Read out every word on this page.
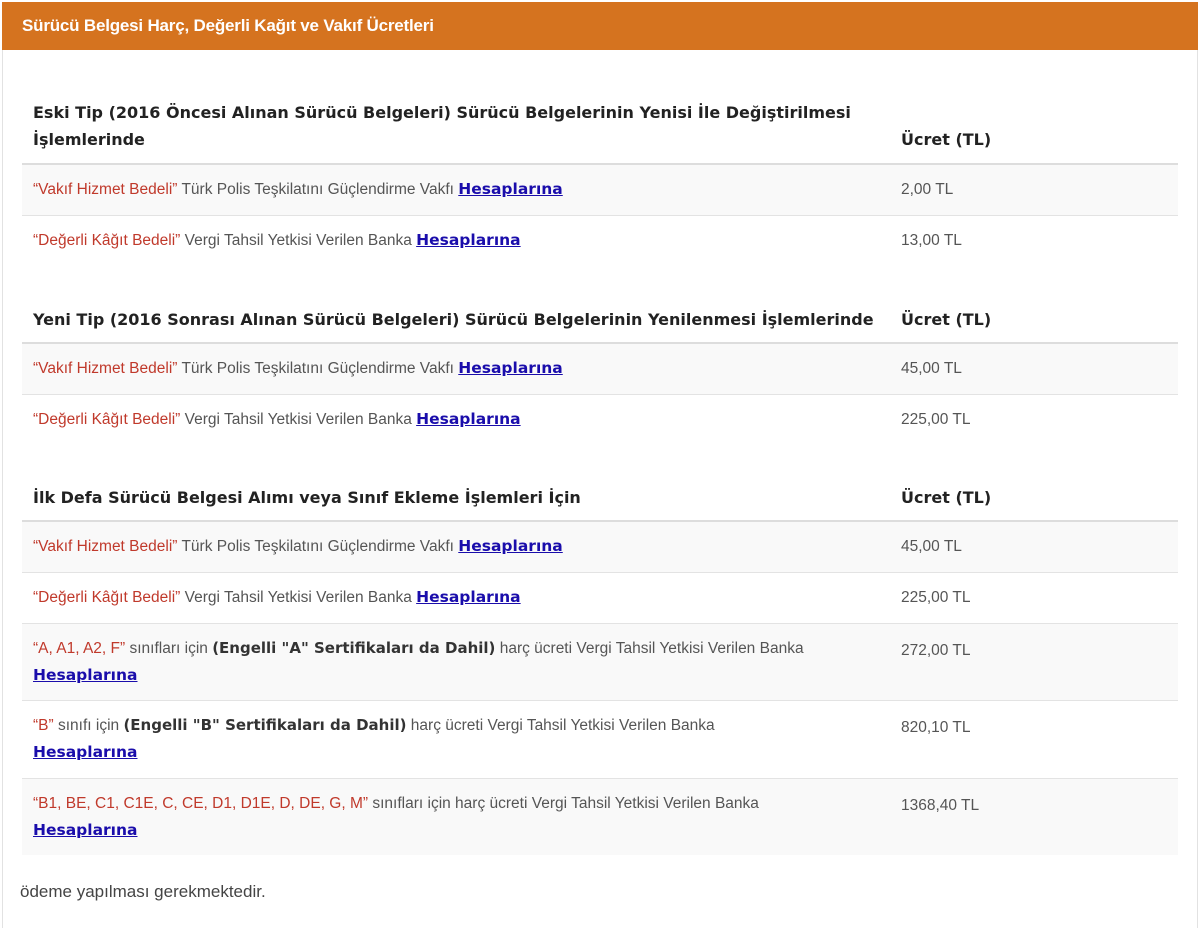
Sürücü Belgesi Harç, Değerli Kağıt ve Vakıf Ücretleri
Eski Tip (2016 Öncesi Alınan Sürücü Belgeleri) Sürücü Belgelerinin Yenisi İle Değiştirilmesi İşlemlerinde	Ücret (TL)
“Vakıf Hizmet Bedeli” Türk Polis Teşkilatını Güçlendirme Vakfı Hesaplarına	2,00 TL
“Değerli Kâğıt Bedeli” Vergi Tahsil Yetkisi Verilen Banka Hesaplarına	13,00 TL
Yeni Tip (2016 Sonrası Alınan Sürücü Belgeleri) Sürücü Belgelerinin Yenilenmesi İşlemlerinde	Ücret (TL)
“Vakıf Hizmet Bedeli” Türk Polis Teşkilatını Güçlendirme Vakfı Hesaplarına	45,00 TL
“Değerli Kâğıt Bedeli” Vergi Tahsil Yetkisi Verilen Banka Hesaplarına	225,00 TL
İlk Defa Sürücü Belgesi Alımı veya Sınıf Ekleme İşlemleri İçin	Ücret (TL)
“Vakıf Hizmet Bedeli” Türk Polis Teşkilatını Güçlendirme Vakfı Hesaplarına	45,00 TL
“Değerli Kâğıt Bedeli” Vergi Tahsil Yetkisi Verilen Banka Hesaplarına	225,00 TL
“A, A1, A2, F” sınıfları için (Engelli "A" Sertifikaları da Dahil) harç ücreti Vergi Tahsil Yetkisi Verilen Banka Hesaplarına	272,00 TL
“B” sınıfı için (Engelli "B" Sertifikaları da Dahil) harç ücreti Vergi Tahsil Yetkisi Verilen Banka Hesaplarına	820,10 TL
“B1, BE, C1, C1E, C, CE, D1, D1E, D, DE, G, M” sınıfları için harç ücreti Vergi Tahsil Yetkisi Verilen Banka Hesaplarına	1368,40 TL
ödeme yapılması gerekmektedir.
